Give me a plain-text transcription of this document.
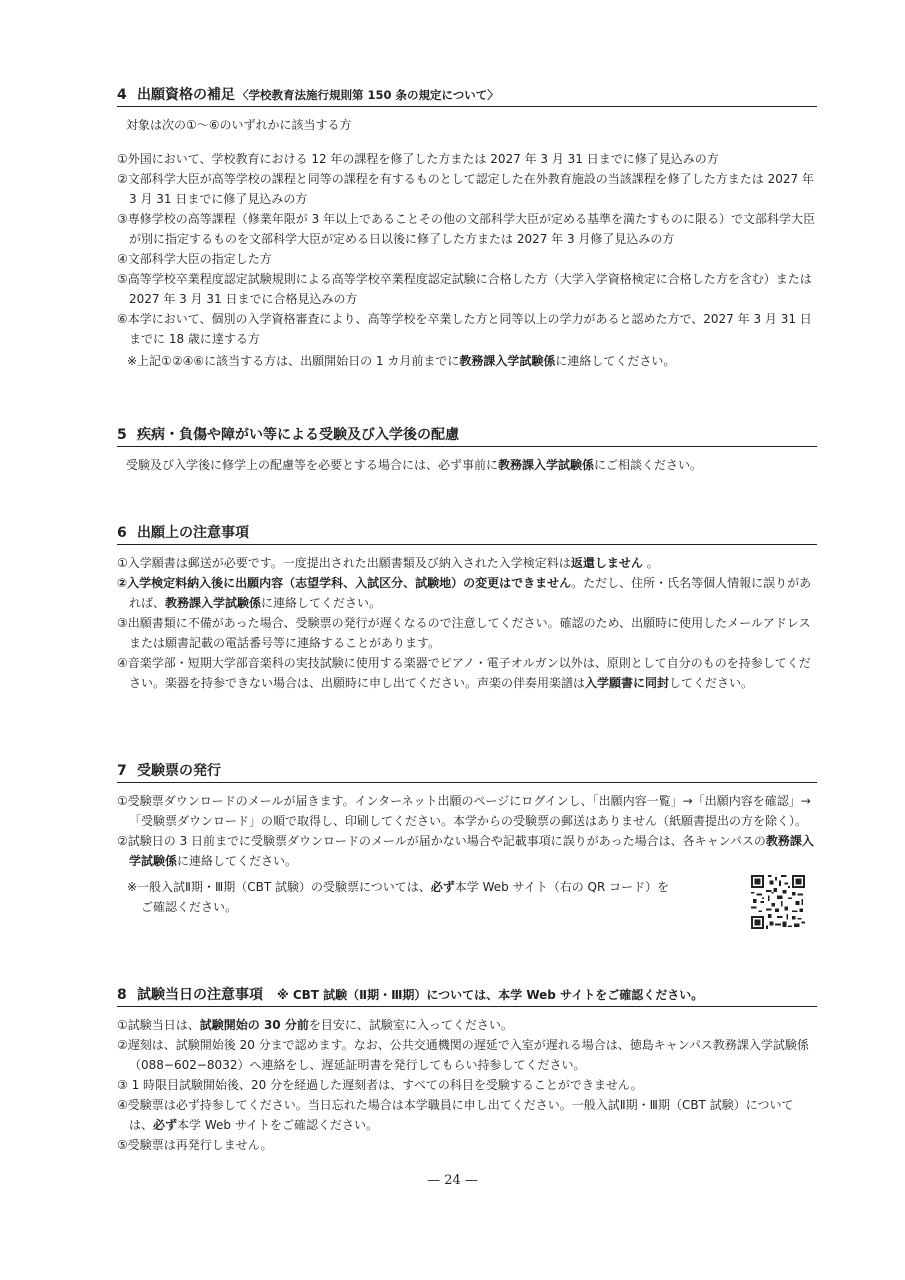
4 出願資格の補足 〈学校教育法施行規則第 150 条の規定について〉
対象は次の①〜⑥のいずれかに該当する方

①外国において、学校教育における 12 年の課程を修了した方または 2027 年 3 月 31 日までに修了見込みの方

②文部科学大臣が高等学校の課程と同等の課程を有するものとして認定した在外教育施設の当該課程を修了した方または 2027 年 3 月 31 日までに修了見込みの方

③専修学校の高等課程（修業年限が 3 年以上であることその他の文部科学大臣が定める基準を満たすものに限る）で文部科学大臣が別に指定するものを文部科学大臣が定める日以後に修了した方または 2027 年 3 月修了見込みの方

④文部科学大臣の指定した方

⑤高等学校卒業程度認定試験規則による高等学校卒業程度認定試験に合格した方（大学入学資格検定に合格した方を含む）または 2027 年 3 月 31 日までに合格見込みの方

⑥本学において、個別の入学資格審査により、高等学校を卒業した方と同等以上の学力があると認めた方で、2027 年 3 月 31 日までに 18 歳に達する方

※上記①②④⑥に該当する方は、出願開始日の 1 カ月前までに教務課入学試験係に連絡してください。
5 疾病・負傷や障がい等による受験及び入学後の配慮
受験及び入学後に修学上の配慮等を必要とする場合には、必ず事前に教務課入学試験係にご相談ください。
6 出願上の注意事項

①入学願書は郵送が必要です。一度提出された出願書類及び納入された入学検定料は返還しません 。

②入学検定料納入後に出願内容（志望学科、入試区分、試験地）の変更はできません。ただし、住所・氏名等個人情報に誤りがあれば、教務課入学試験係に連絡してください。

③出願書類に不備があった場合、受験票の発行が遅くなるので注意してください。確認のため、出願時に使用したメールアドレスまたは願書記載の電話番号等に連絡することがあります。

④音楽学部・短期大学部音楽科の実技試験に使用する楽器でピアノ・電子オルガン以外は、原則として自分のものを持参してください。楽器を持参できない場合は、出願時に申し出てください。声楽の伴奏用楽譜は入学願書に同封してください。

7 受験票の発行

①受験票ダウンロードのメールが届きます。インターネット出願のページにログインし、「出願内容一覧」→「出願内容を確認」→「受験票ダウンロード」の順で取得し、印刷してください。本学からの受験票の郵送はありません（紙願書提出の方を除く）。

②試験日の 3 日前までに受験票ダウンロードのメールが届かない場合や記載事項に誤りがあった場合は、各キャンパスの教務課入学試験係に連絡してください。

※一般入試Ⅱ期・Ⅲ期（CBT 試験）の受験票については、必ず本学 Web サイト（右の QR コード）を
ご確認ください。
8 試験当日の注意事項 ※ CBT 試験（Ⅱ期・Ⅲ期）については、本学 Web サイトをご確認ください。

①試験当日は、試験開始の 30 分前を目安に、試験室に入ってください。

②遅刻は、試験開始後 20 分まで認めます。なお、公共交通機関の遅延で入室が遅れる場合は、徳島キャンパス教務課入学試験係（088−602−8032）へ連絡をし、遅延証明書を発行してもらい持参してください。

③ 1 時限目試験開始後、20 分を経過した遅刻者は、すべての科目を受験することができません。

④受験票は必ず持参してください。当日忘れた場合は本学職員に申し出てください。一般入試Ⅱ期・Ⅲ期（CBT 試験）については、必ず本学 Web サイトをご確認ください。

⑤受験票は再発行しません。

— 24 —
